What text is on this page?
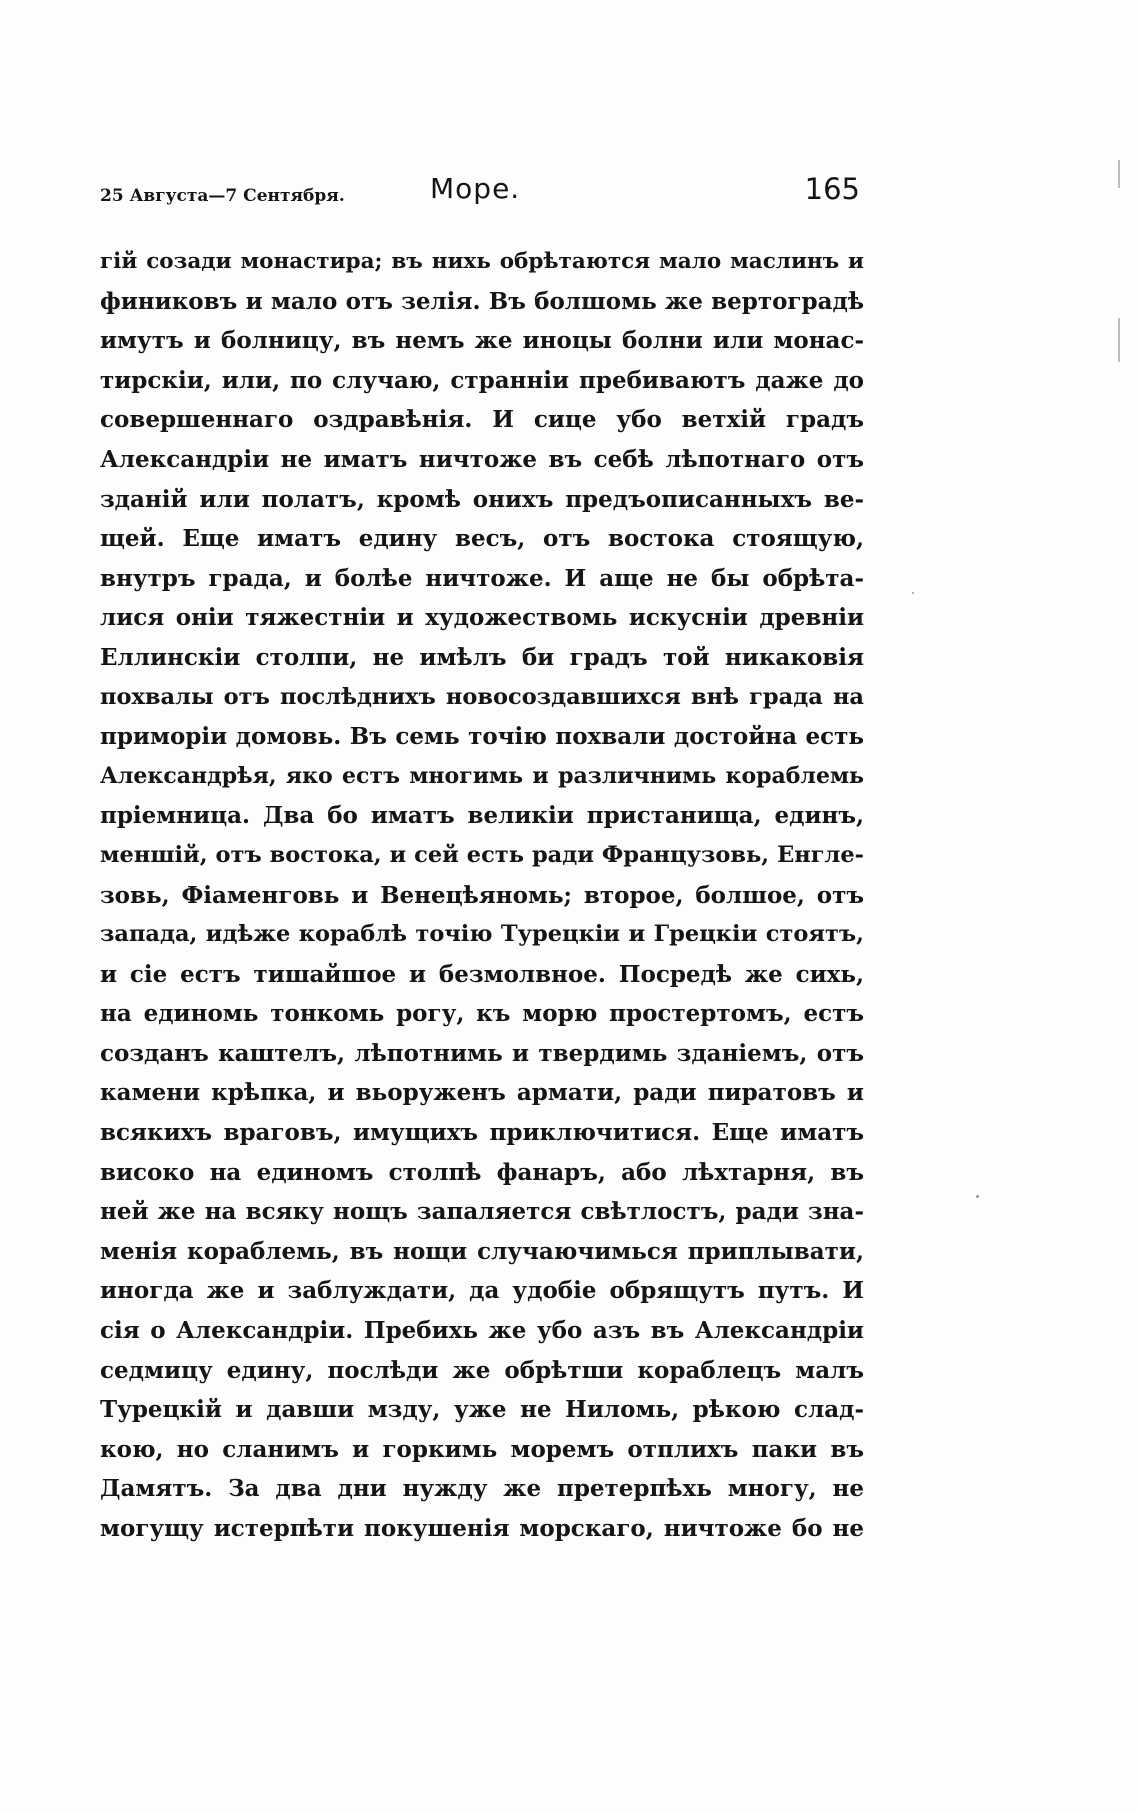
25 Августа—7 Сентября.	Море.	165
гій созади монастира; въ нихь обрѣтаются мало маслинъ и
финиковъ и мало отъ зелія. Въ болшомь же вертоградѣ
имутъ и болницу, въ немъ же иноцы болни или монас-
тирскіи, или, по случаю, страннiи пребиваютъ даже до
совершеннаго оздравѣнія. И сице убо ветхій градъ
Александріи не иматъ ничтоже въ себѣ лѣпотнаго отъ
зданій или полатъ, кромѣ онихъ предъописанныхъ ве-
щей. Еще иматъ едину весъ, отъ востока стоящую,
внутръ града, и болѣе ничтоже. И аще не бы обрѣта-
лися оніи тяжестніи и художествомь искусніи древніи
Еллинскіи столпи, не имѣлъ би градъ той никаковія
похвалы отъ послѣднихъ новосоздавшихся внѣ града на
приморіи домовь. Въ семь точію похвали достойна есть
Александрѣя, яко естъ многимь и различнимь кораблемь
пріемница. Два бо иматъ великіи пристанища, единъ,
меншій, отъ востока, и сей есть ради Французовь, Енгле-
зовь, Фіаменговь и Венецѣяномь; второе, болшое, отъ
запада, идѣже кораблѣ точію Турецкіи и Грецкіи стоятъ,
и сіе естъ тишайшое и безмолвное. Посредѣ же сихь,
на единомь тонкомь рогу, къ морю простертомъ, естъ
созданъ каштелъ, лѣпотнимь и твердимь зданіемъ, отъ
камени крѣпка, и вьоруженъ армати, ради пиратовъ и
всякихъ враговъ, имущихъ приключитися. Еще иматъ
високо на единомъ столпѣ фанаръ, або лѣхтарня, въ
ней же на всяку нощъ запаляется свѣтлостъ, ради зна-
менія кораблемь, въ нощи случаючимься приплывати,
иногда же и заблуждати, да удобіе обрящутъ путъ. И
сія о Александріи. Пребихь же убо азъ въ Александріи
седмицу едину, послѣди же обрѣтши кораблецъ малъ
Турецкій и давши мзду, уже не Ниломь, рѣкою слад-
кою, но сланимъ и горкимь моремъ отплихъ паки въ
Дамятъ. За два дни нужду же претерпѣхь многу, не
могущу истерпѣти покушенія морскаго, ничтоже бо не
